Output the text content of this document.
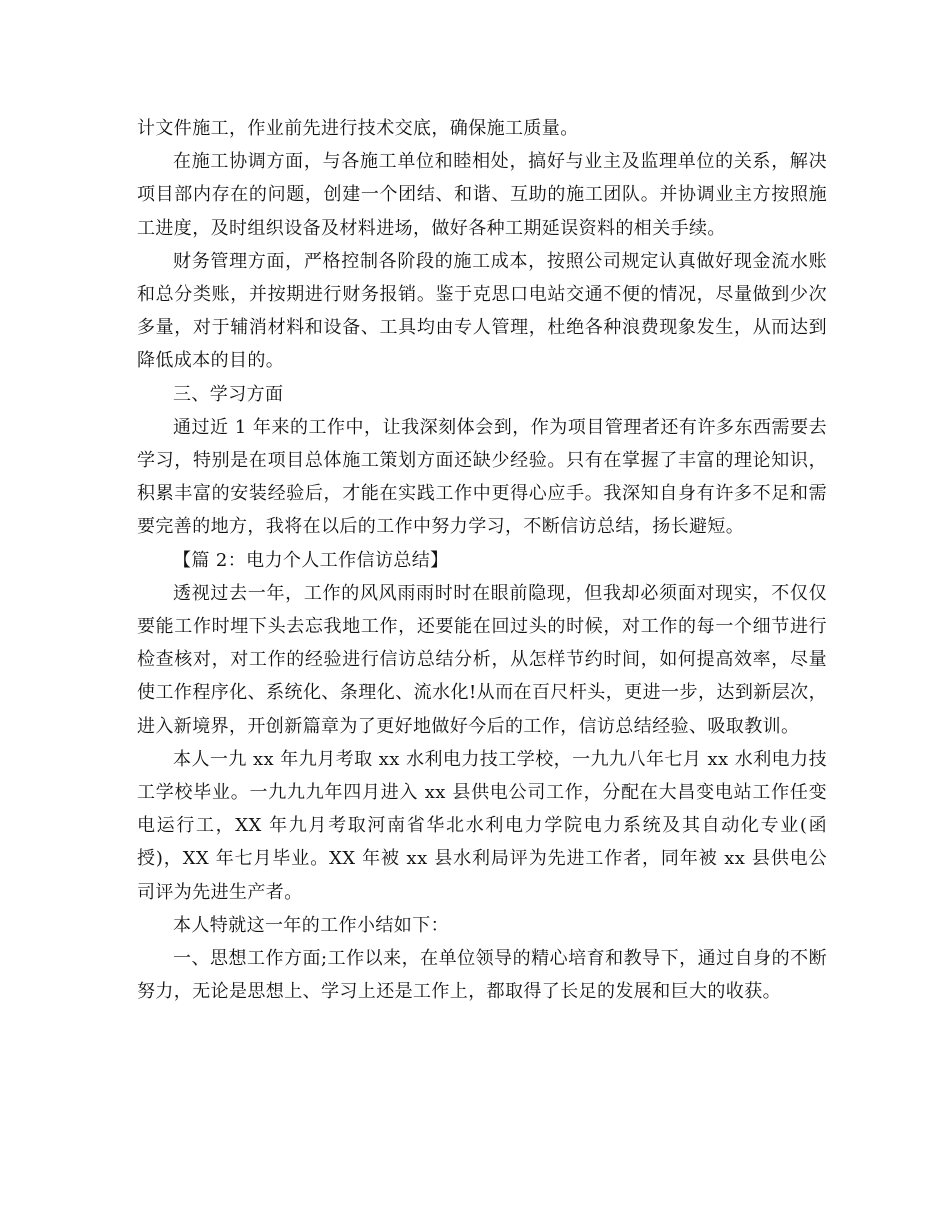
计文件施工，作业前先进行技术交底，确保施工质量。

在施工协调方面，与各施工单位和睦相处，搞好与业主及监理单位的关系，解决项目部内存在的问题，创建一个团结、和谐、互助的施工团队。并协调业主方按照施工进度，及时组织设备及材料进场，做好各种工期延误资料的相关手续。

财务管理方面，严格控制各阶段的施工成本，按照公司规定认真做好现金流水账和总分类账，并按期进行财务报销。鉴于克思口电站交通不便的情况，尽量做到少次多量，对于辅消材料和设备、工具均由专人管理，杜绝各种浪费现象发生，从而达到降低成本的目的。

三、学习方面

通过近 1 年来的工作中，让我深刻体会到，作为项目管理者还有许多东西需要去学习，特别是在项目总体施工策划方面还缺少经验。只有在掌握了丰富的理论知识，积累丰富的安装经验后，才能在实践工作中更得心应手。我深知自身有许多不足和需要完善的地方，我将在以后的工作中努力学习，不断信访总结，扬长避短。

【篇 2：电力个人工作信访总结】

透视过去一年，工作的风风雨雨时时在眼前隐现，但我却必须面对现实，不仅仅要能工作时埋下头去忘我地工作，还要能在回过头的时候，对工作的每一个细节进行检查核对，对工作的经验进行信访总结分析，从怎样节约时间，如何提高效率，尽量使工作程序化、系统化、条理化、流水化!从而在百尺杆头，更进一步，达到新层次，进入新境界，开创新篇章为了更好地做好今后的工作，信访总结经验、吸取教训。

本人一九 xx 年九月考取 xx 水利电力技工学校，一九九八年七月 xx 水利电力技工学校毕业。一九九九年四月进入 xx 县供电公司工作，分配在大昌变电站工作任变电运行工，XX 年九月考取河南省华北水利电力学院电力系统及其自动化专业(函授)，XX 年七月毕业。XX 年被 xx 县水利局评为先进工作者，同年被 xx 县供电公司评为先进生产者。

本人特就这一年的工作小结如下：

一、思想工作方面;工作以来，在单位领导的精心培育和教导下，通过自身的不断努力，无论是思想上、学习上还是工作上，都取得了长足的发展和巨大的收获。
